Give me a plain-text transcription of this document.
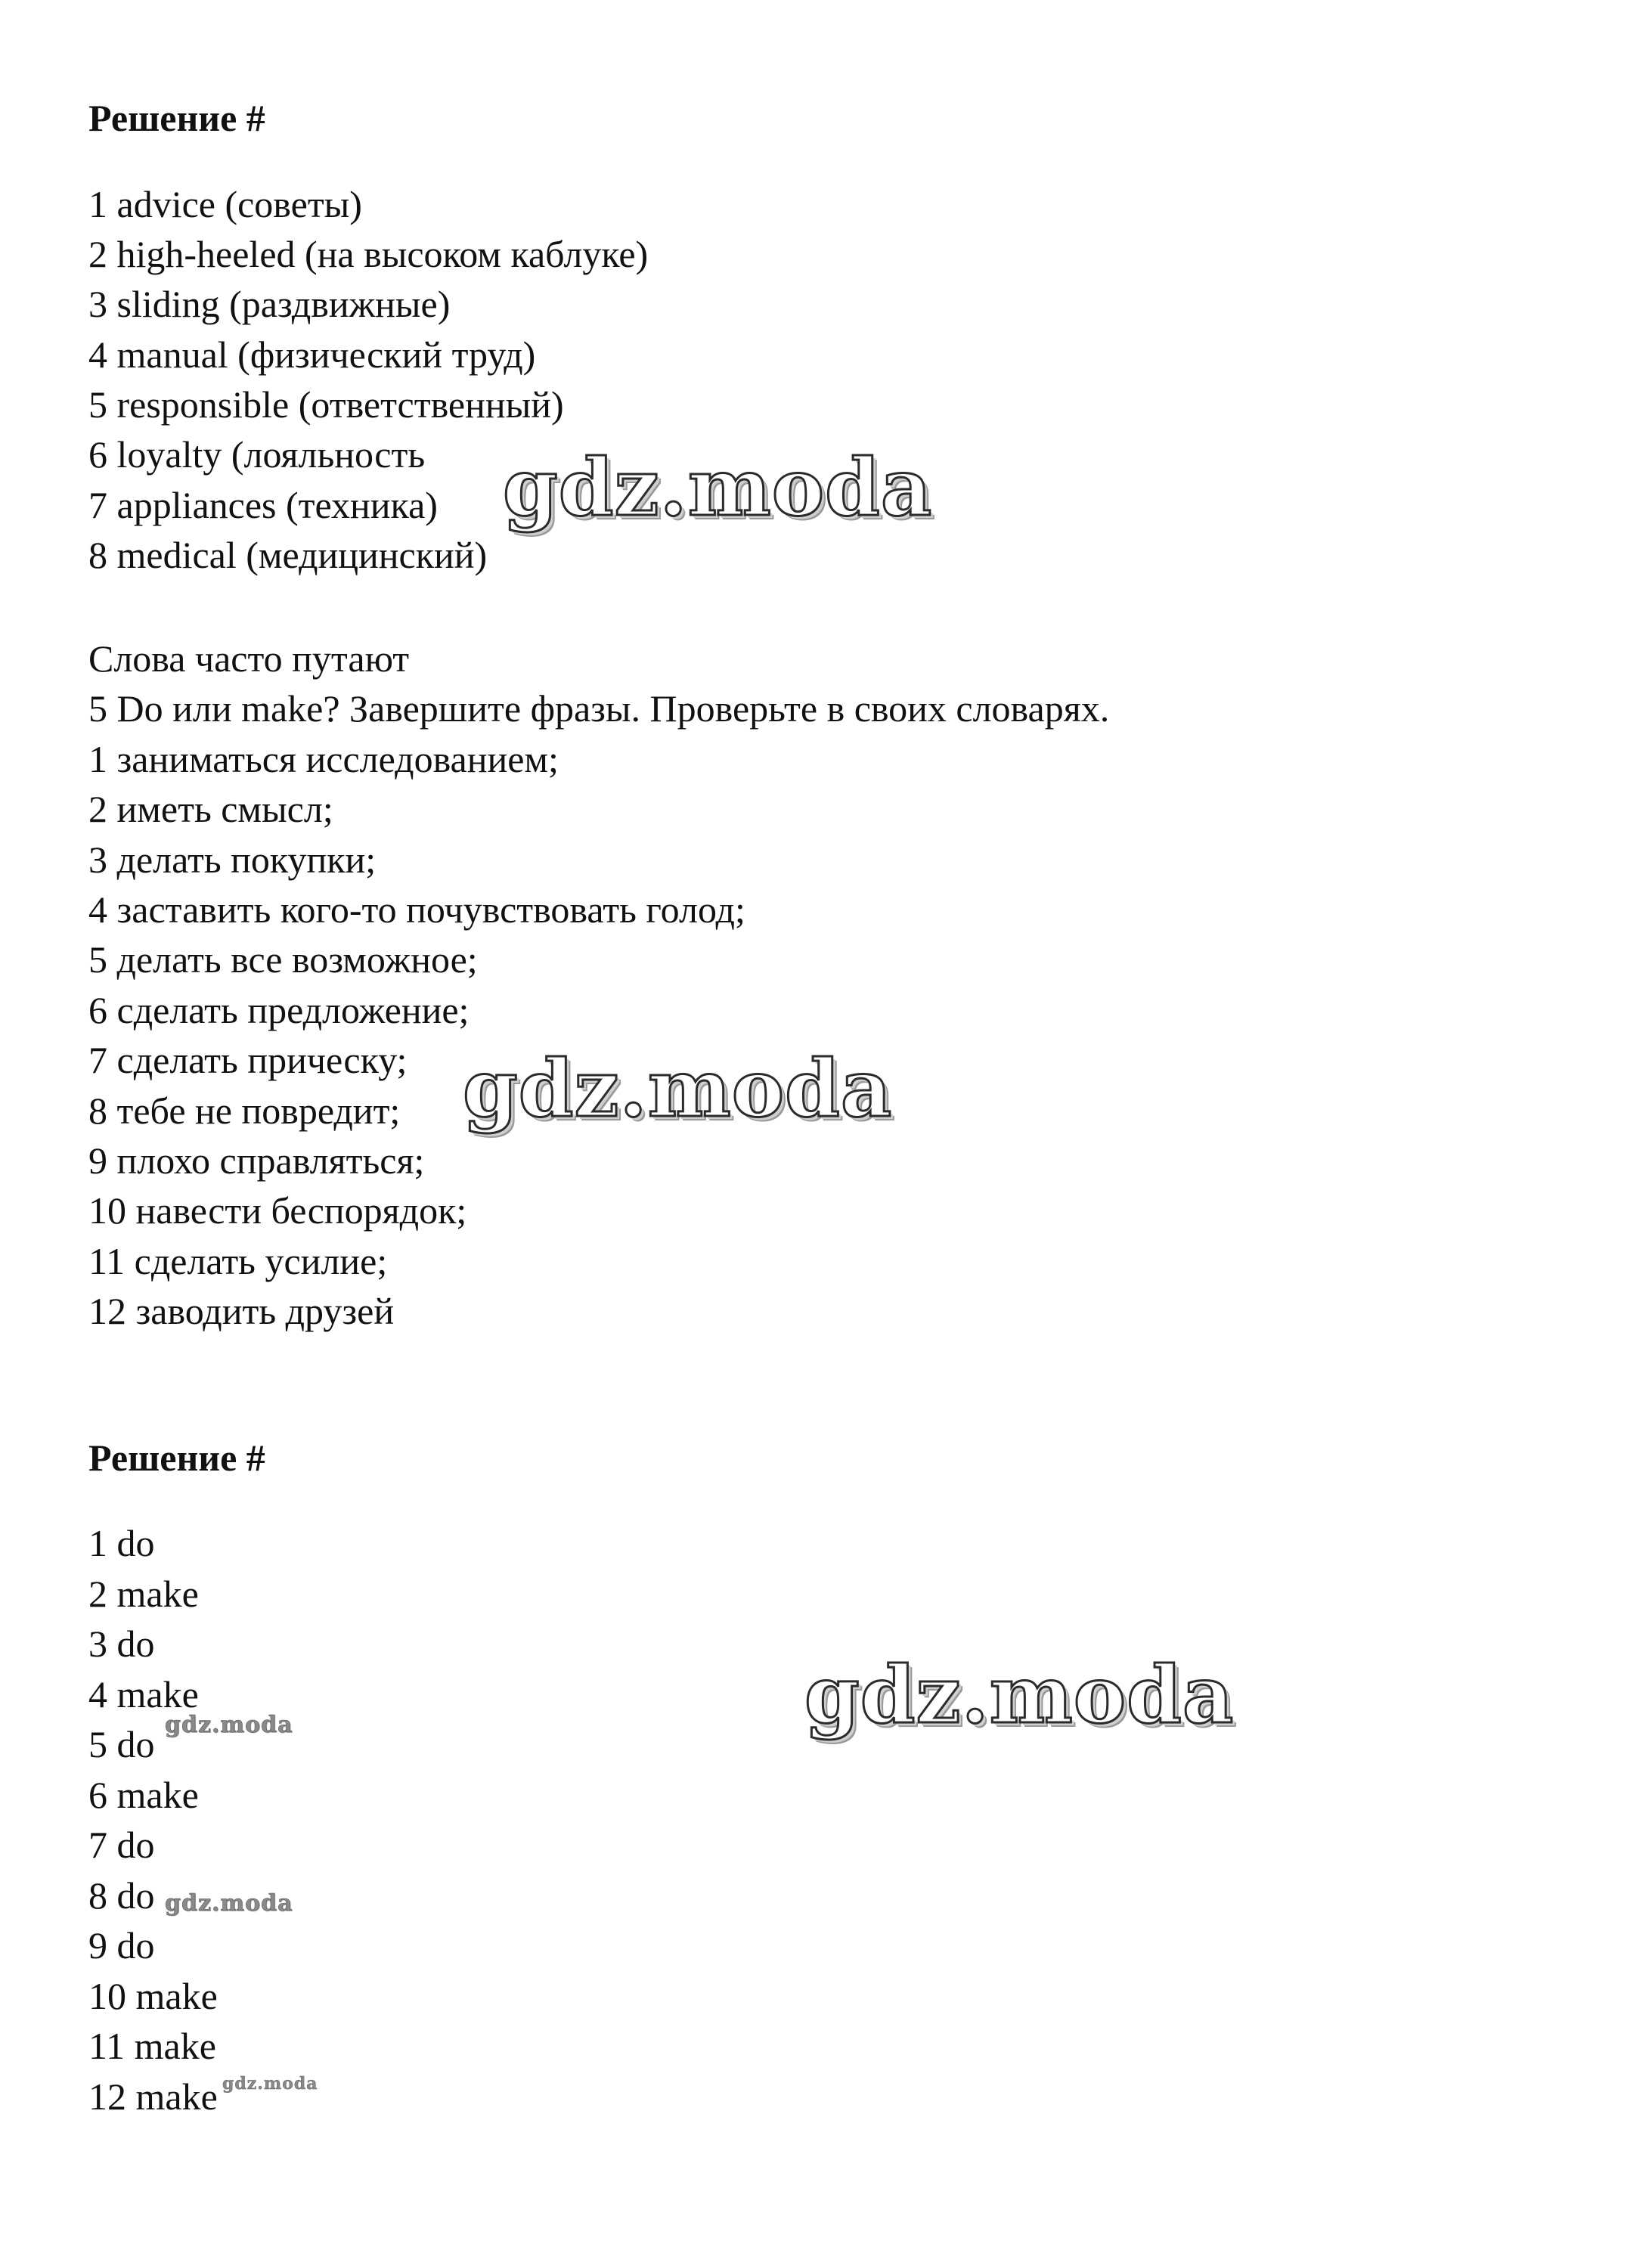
Решение #
1 advice (советы)
2 high-heeled (на высоком каблуке)
3 sliding (раздвижные)
4 manual (физический труд)
5 responsible (ответственный)
6 loyalty (лояльность
7 appliances (техника)
8 medical (медицинский)
Слова часто путают
5 Do или make? Завершите фразы. Проверьте в своих словарях.
1 заниматься исследованием;
2 иметь смысл;
3 делать покупки;
4 заставить кого-то почувствовать голод;
5 делать все возможное;
6 сделать предложение;
7 сделать прическу;
8 тебе не повредит;
9 плохо справляться;
10 навести беспорядок;
11 сделать усилие;
12 заводить друзей
Решение #
1 do
2 make
3 do
4 make
5 do
6 make
7 do
8 do
9 do
10 make
11 make
12 make
gdz.moda
gdz.moda
gdz.moda
gdz.moda
gdz.moda
gdz.moda
